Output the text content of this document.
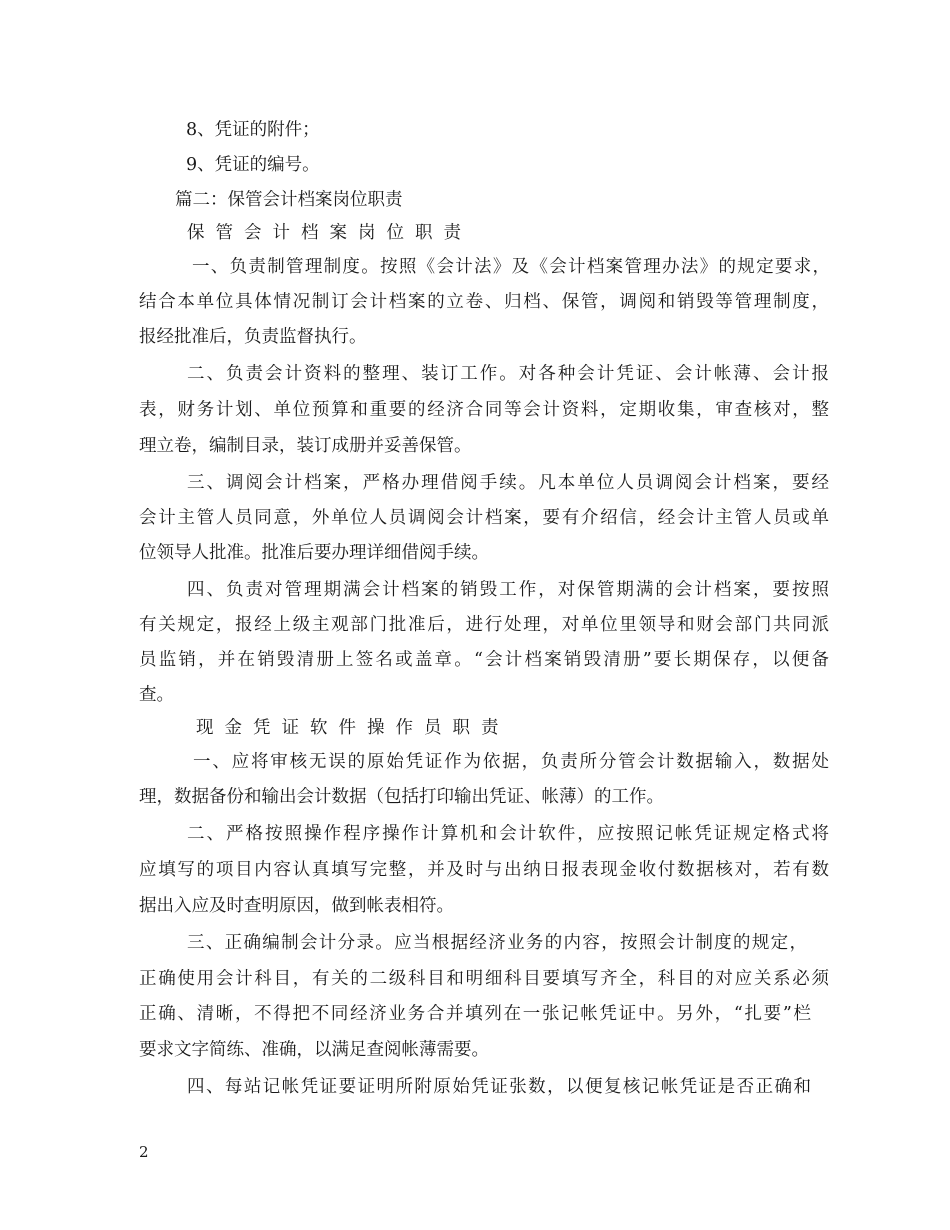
8、凭证的附件；
9、凭证的编号。
篇二：保管会计档案岗位职责
保管会计档案岗位职责
一、负责制管理制度。按照《会计法》及《会计档案管理办法》的规定要求，
结合本单位具体情况制订会计档案的立卷、归档、保管，调阅和销毁等管理制度，
报经批准后，负责监督执行。
二、负责会计资料的整理、装订工作。对各种会计凭证、会计帐薄、会计报
表，财务计划、单位预算和重要的经济合同等会计资料，定期收集，审查核对，整
理立卷，编制目录，装订成册并妥善保管。
三、调阅会计档案，严格办理借阅手续。凡本单位人员调阅会计档案，要经
会计主管人员同意，外单位人员调阅会计档案，要有介绍信，经会计主管人员或单
位领导人批准。批准后要办理详细借阅手续。
四、负责对管理期满会计档案的销毁工作，对保管期满的会计档案，要按照
有关规定，报经上级主观部门批准后，进行处理，对单位里领导和财会部门共同派
员监销，并在销毁清册上签名或盖章。“会计档案销毁清册”要长期保存，以便备
查。
现金凭证软件操作员职责
一、应将审核无误的原始凭证作为依据，负责所分管会计数据输入，数据处
理，数据备份和输出会计数据（包括打印输出凭证、帐薄）的工作。
二、严格按照操作程序操作计算机和会计软件，应按照记帐凭证规定格式将
应填写的项目内容认真填写完整，并及时与出纳日报表现金收付数据核对，若有数
据出入应及时查明原因，做到帐表相符。
三、正确编制会计分录。应当根据经济业务的内容，按照会计制度的规定，
正确使用会计科目，有关的二级科目和明细科目要填写齐全，科目的对应关系必须
正确、清晰，不得把不同经济业务合并填列在一张记帐凭证中。另外，“扎要”栏
要求文字简练、准确，以满足查阅帐薄需要。
四、每站记帐凭证要证明所附原始凭证张数，以便复核记帐凭证是否正确和
2
